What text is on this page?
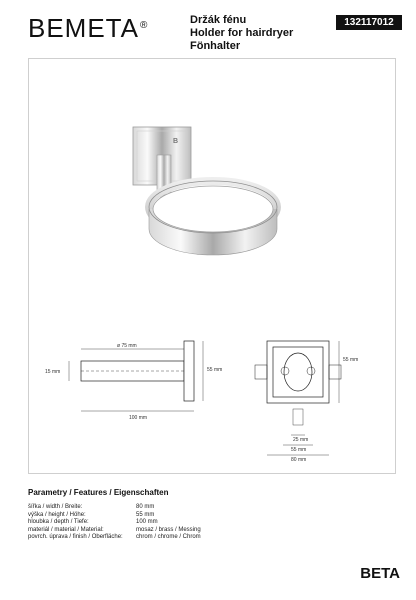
BEMETA®	Držák fénu
Holder for hairdryer
Fönhalter
132117012
B
ø 75 mm
15 mm	55 mm
100 mm
55 mm
25 mm
55 mm
80 mm
Parametry / Features / Eigenschaften
šířka / width / Breite:	80 mm
výška / height / Höhe:	55 mm
hloubka / depth / Tiefe:	100 mm
materiál / material / Material:	mosaz / brass / Messing
povrch. úprava / finish / Oberfläche:	chrom / chrome / Chrom
BETA
